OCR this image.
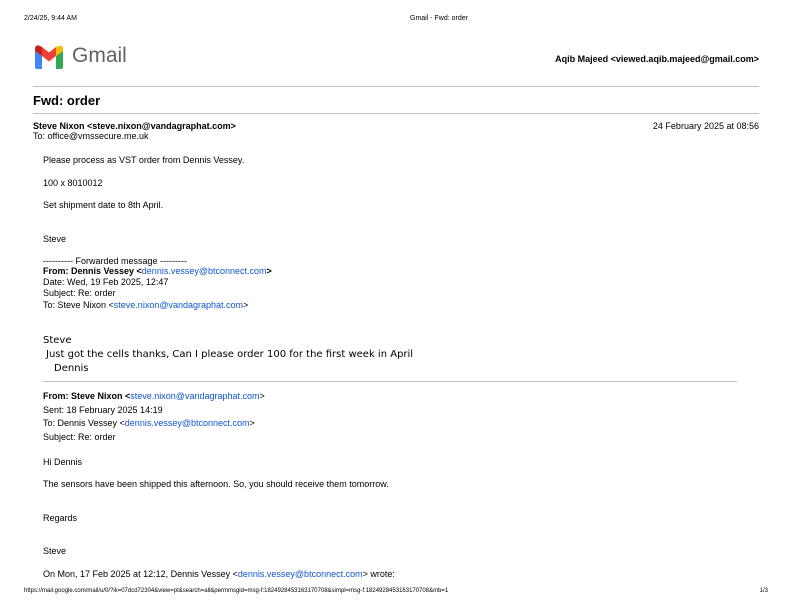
2/24/25, 9:44 AM	Gmail - Fwd: order
Gmail	Aqib Majeed <viewed.aqib.majeed@gmail.com>
Fwd: order
Steve Nixon <steve.nixon@vandagraphat.com>
To: office@vmssecure.me.uk
24 February 2025 at 08:56
Please process as VST order from Dennis Vessey.
100 x 8010012
Set shipment date to 8th April.
Steve
---------- Forwarded message ---------
From: Dennis Vessey <dennis.vessey@btconnect.com>
Date: Wed, 19 Feb 2025, 12:47
Subject: Re: order
To: Steve Nixon <steve.nixon@vandagraphat.com>
Steve
Just got the cells thanks, Can I please order 100 for the first week in April
Dennis
From: Steve Nixon <steve.nixon@vandagraphat.com>
Sent: 18 February 2025 14:19
To: Dennis Vessey <dennis.vessey@btconnect.com>
Subject: Re: order
Hi Dennis
The sensors have been shipped this afternoon. So, you should receive them tomorrow.
Regards
Steve
On Mon, 17 Feb 2025 at 12:12, Dennis Vessey <dennis.vessey@btconnect.com> wrote:
https://mail.google.com/mail/u/0/?ik=07dcd72304&view=pt&search=all&permmsgid=msg-f:1824928453163170708&simpl=msg-f:1824928453163170708&mb=1	1/3
